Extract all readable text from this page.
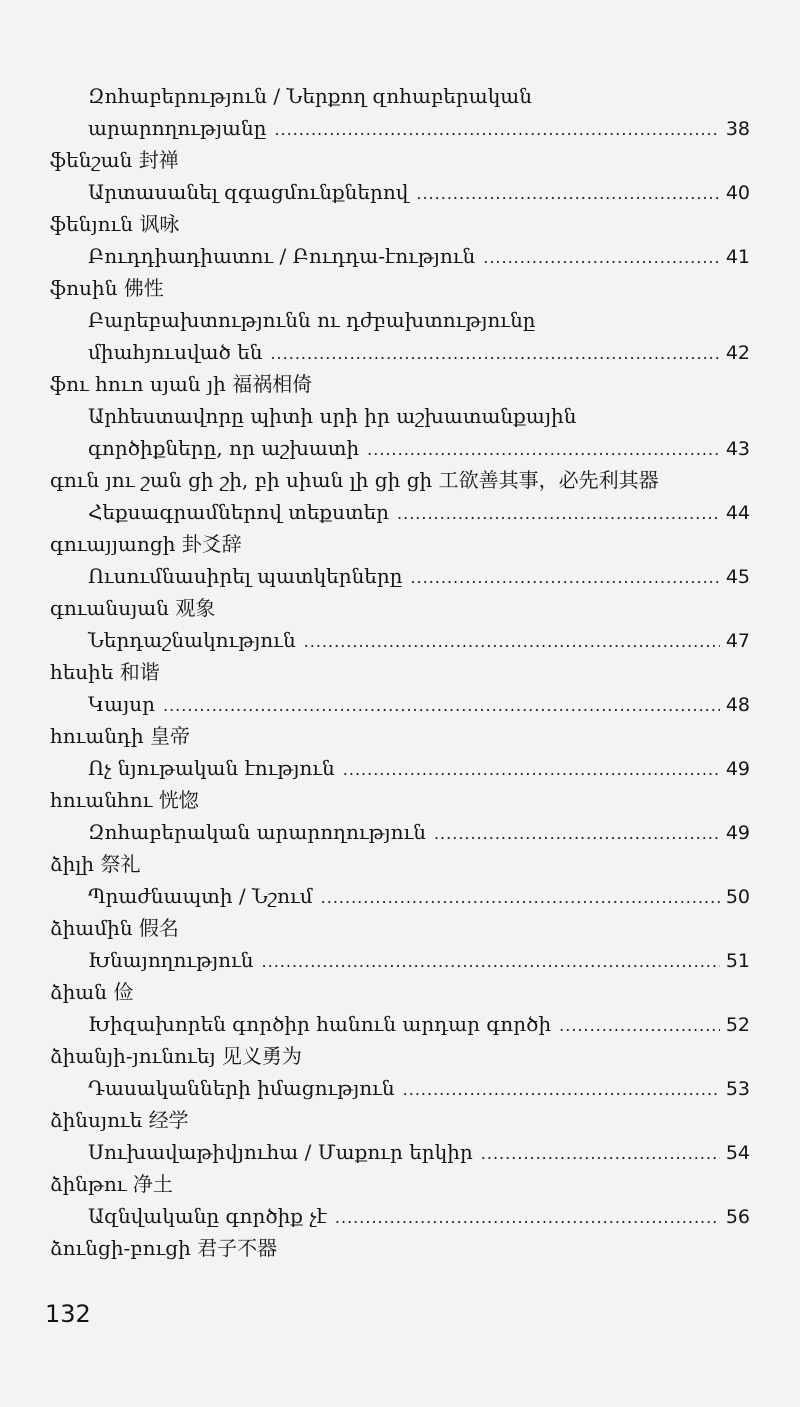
Զոհաբերություն / Ներքող զոհաբերական
արարողությանը .....	38
ֆենշան 封禅
Արտասանել զգացմունքներով .....	40
ֆենյուն 讽咏
Բուդդիադիատու / Բուդդա-էություն .....	41
ֆոսին 佛性
Բարեբախտությունն ու դժբախտությունը
միահյուսված են .....	42
ֆու հուո սյան յի 福祸相倚
Արհեստավորը պիտի սրի իր աշխատանքային
գործիքները, որ աշխատի .....	43
գուն յու շան ցի շի, բի սիան լի ցի ցի 工欲善其事，必先利其器
Հեքսագրամներով տեքստեր .....	44
գուայյաոցի 卦爻辞
Ուսումնասիրել պատկերները .....	45
գուանսյան 观象
Ներդաշնակություն .....	47
հեսիե 和谐
Կայսր .....	48
հուանդի 皇帝
Ոչ նյութական էություն .....	49
հուանհու 恍惚
Զոհաբերական արարողություն .....	49
ձիլի 祭礼
Պրաժնապտի / Նշում .....	50
ձիամին 假名
Խնայողություն .....	51
ձիան 俭
Խիզախորեն գործիր հանուն արդար գործի .....	52
ձիանյի-յունուեյ 见义勇为
Դասականների իմացություն .....	53
ձինսյուե 经学
Սուխավաթիվյուհա / Մաքուր երկիր .....	54
ձինթու 净土
Ազնվականը գործիք չէ .....	56
ձունցի-բուցի 君子不器
132
